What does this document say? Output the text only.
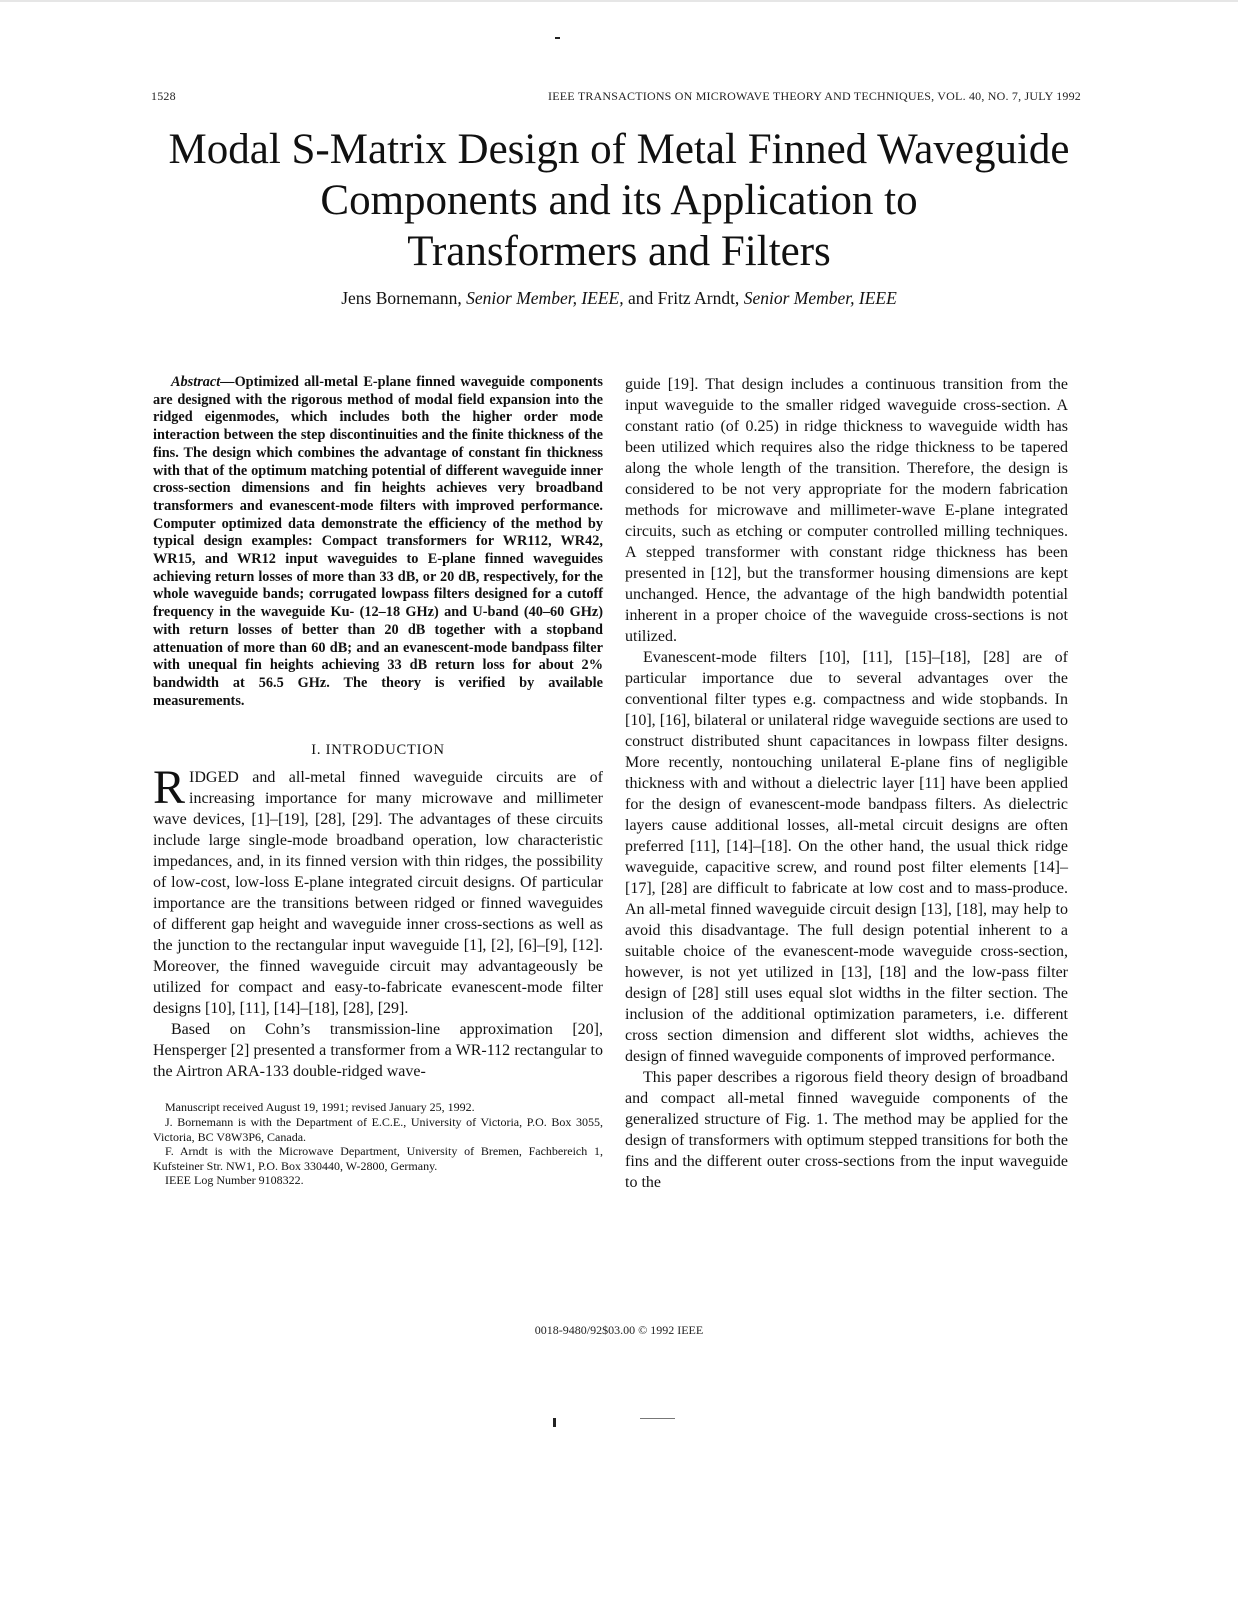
1528	IEEE TRANSACTIONS ON MICROWAVE THEORY AND TECHNIQUES, VOL. 40, NO. 7, JULY 1992
Modal S-Matrix Design of Metal Finned Waveguide
Components and its Application to
Transformers and Filters
Jens Bornemann, Senior Member, IEEE, and Fritz Arndt, Senior Member, IEEE

Abstract—Optimized all-metal E-plane finned waveguide components are designed with the rigorous method of modal field expansion into the ridged eigenmodes, which includes both the higher order mode interaction between the step discontinuities and the finite thickness of the fins. The design which combines the advantage of constant fin thickness with that of the optimum matching potential of different waveguide inner cross-section dimensions and fin heights achieves very broadband transformers and evanescent-mode filters with improved performance. Computer optimized data demonstrate the efficiency of the method by typical design examples: Compact transformers for WR112, WR42, WR15, and WR12 input waveguides to E-plane finned waveguides achieving return losses of more than 33 dB, or 20 dB, respectively, for the whole waveguide bands; corrugated lowpass filters designed for a cutoff frequency in the waveguide Ku- (12–18 GHz) and U-band (40–60 GHz) with return losses of better than 20 dB together with a stopband attenuation of more than 60 dB; and an evanescent-mode bandpass filter with unequal fin heights achieving 33 dB return loss for about 2% bandwidth at 56.5 GHz. The theory is verified by available measurements.

I. INTRODUCTION

RIDGED and all-metal finned waveguide circuits are of increasing importance for many microwave and millimeter wave devices, [1]–[19], [28], [29]. The advantages of these circuits include large single-mode broadband operation, low characteristic impedances, and, in its finned version with thin ridges, the possibility of low-cost, low-loss E-plane integrated circuit designs. Of particular importance are the transitions between ridged or finned waveguides of different gap height and waveguide inner cross-sections as well as the junction to the rectangular input waveguide [1], [2], [6]–[9], [12]. Moreover, the finned waveguide circuit may advantageously be utilized for compact and easy-to-fabricate evanescent-mode filter designs [10], [11], [14]–[18], [28], [29].

Based on Cohn’s transmission-line approximation [20], Hensperger [2] presented a transformer from a WR-112 rectangular to the Airtron ARA-133 double-ridged wave-

Manuscript received August 19, 1991; revised January 25, 1992.

J. Bornemann is with the Department of E.C.E., University of Victoria, P.O. Box 3055, Victoria, BC V8W3P6, Canada.

F. Arndt is with the Microwave Department, University of Bremen, Fachbereich 1, Kufsteiner Str. NW1, P.O. Box 330440, W-2800, Germany.

IEEE Log Number 9108322.

guide [19]. That design includes a continuous transition from the input waveguide to the smaller ridged waveguide cross-section. A constant ratio (of 0.25) in ridge thickness to waveguide width has been utilized which requires also the ridge thickness to be tapered along the whole length of the transition. Therefore, the design is considered to be not very appropriate for the modern fabrication methods for microwave and millimeter-wave E-plane integrated circuits, such as etching or computer controlled milling techniques. A stepped transformer with constant ridge thickness has been presented in [12], but the transformer housing dimensions are kept unchanged. Hence, the advantage of the high bandwidth potential inherent in a proper choice of the waveguide cross-sections is not utilized.

Evanescent-mode filters [10], [11], [15]–[18], [28] are of particular importance due to several advantages over the conventional filter types e.g. compactness and wide stopbands. In [10], [16], bilateral or unilateral ridge waveguide sections are used to construct distributed shunt capacitances in lowpass filter designs. More recently, nontouching unilateral E-plane fins of negligible thickness with and without a dielectric layer [11] have been applied for the design of evanescent-mode bandpass filters. As dielectric layers cause additional losses, all-metal circuit designs are often preferred [11], [14]–[18]. On the other hand, the usual thick ridge waveguide, capacitive screw, and round post filter elements [14]–[17], [28] are difficult to fabricate at low cost and to mass-produce. An all-metal finned waveguide circuit design [13], [18], may help to avoid this disadvantage. The full design potential inherent to a suitable choice of the evanescent-mode waveguide cross-section, however, is not yet utilized in [13], [18] and the low-pass filter design of [28] still uses equal slot widths in the filter section. The inclusion of the additional optimization parameters, i.e. different cross section dimension and different slot widths, achieves the design of finned waveguide components of improved performance.

This paper describes a rigorous field theory design of broadband and compact all-metal finned waveguide components of the generalized structure of Fig. 1. The method may be applied for the design of transformers with optimum stepped transitions for both the fins and the different outer cross-sections from the input waveguide to the

0018-9480/92$03.00 © 1992 IEEE
